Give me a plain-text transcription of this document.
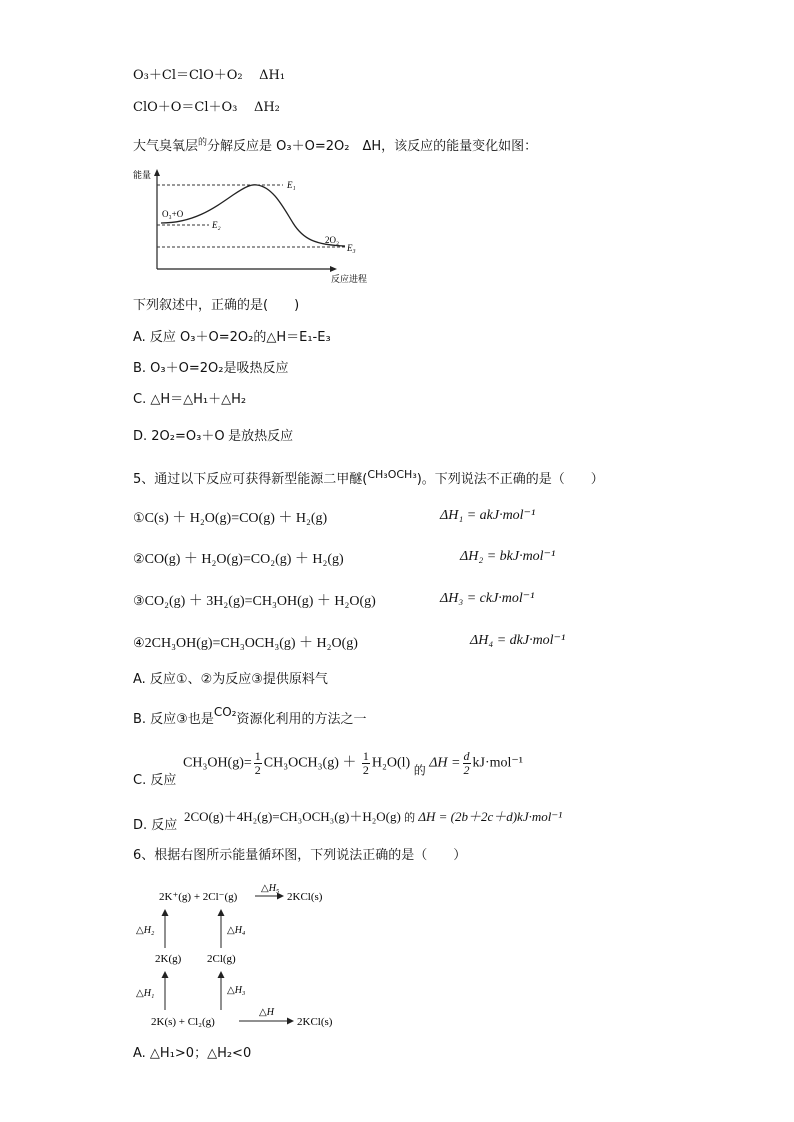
O₃＋Cl＝ClO＋O₂ ΔH₁
ClO＋O＝Cl＋O₃ ΔH₂
大气臭氧层$^的$分解反应是 O₃＋O=2O₂　ΔH，该反应的能量变化如图：
能量
反应进程
O₃+O
2O₂
E₁
E₂
E₃
下列叙述中，正确的是(　　)
A. 反应 O₃＋O=2O₂的△H＝E₁-E₃
B. O₃＋O=2O₂是吸热反应
C. △H＝△H₁＋△H₂
D. 2O₂=O₃＋O 是放热反应
5、通过以下反应可获得新型能源二甲醚($^{CH_3OCH_3}$)。下列说法不正确的是（　　）
①C(s) ＋ H₂O(g)=CO(g) ＋ H₂(g)	ΔH₁ = akJ·mol⁻¹
②CO(g) ＋ H₂O(g)=CO₂(g) ＋ H₂(g)	ΔH₂ = bkJ·mol⁻¹
③CO₂(g) ＋ 3H₂(g)=CH₃OH(g) ＋ H₂O(g)	ΔH₃ = ckJ·mol⁻¹
④2CH₃OH(g)=CH₃OCH₃(g) ＋ H₂O(g)	ΔH₄ = dkJ·mol⁻¹
A. 反应①、②为反应③提供原料气
B. 反应③也是$^{CO_2}$资源化利用的方法之一
C. 反应
$CH_3OH(g)= \frac{1}{2} CH_3OCH_3(g) + \frac{1}{2} H_2O(l)$ 的 $\Delta H = \frac{d}{2} kJ\cdot mol^{-1}$
D. 反应
2CO(g)＋4H₂(g)=CH₃OCH₃(g)＋H₂O(g) 的 ΔH = (2b＋2c＋d)kJ·mol⁻¹
6、根据右图所示能量循环图，下列说法正确的是（　　）
2K⁺(g) + 2Cl⁻(g)
△H₅
2KCl(s)
△H₂	△H₄
2K(g) 2Cl(g)
△H₁	△H₃
2K(s) + Cl₂(g)
△H
2KCl(s)
A. △H₁>0；△H₂<0
